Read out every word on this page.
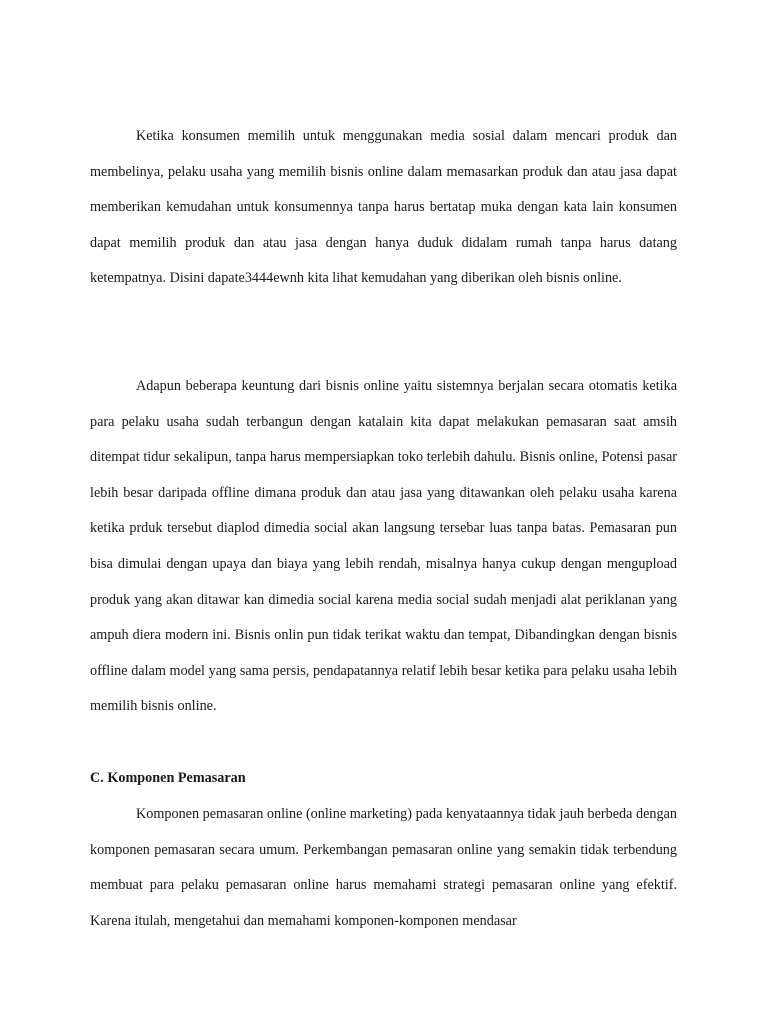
Ketika konsumen memilih untuk menggunakan media sosial dalam mencari produk dan membelinya, pelaku usaha yang memilih bisnis online dalam memasarkan produk dan atau jasa dapat memberikan kemudahan untuk konsumennya tanpa harus bertatap muka dengan kata lain konsumen dapat memilih produk dan atau jasa dengan hanya duduk didalam rumah tanpa harus datang ketempatnya. Disini dapate3444ewnh kita lihat kemudahan yang diberikan oleh bisnis online.

Adapun beberapa keuntung dari bisnis online yaitu sistemnya berjalan secara otomatis ketika para pelaku usaha sudah terbangun dengan katalain kita dapat melakukan pemasaran saat amsih ditempat tidur sekalipun, tanpa harus mempersiapkan toko terlebih dahulu. Bisnis online, Potensi pasar lebih besar daripada offline dimana produk dan atau jasa yang ditawankan oleh pelaku usaha karena ketika prduk tersebut diaplod dimedia social akan langsung tersebar luas tanpa batas. Pemasaran pun bisa dimulai dengan upaya dan biaya yang lebih rendah, misalnya hanya cukup dengan mengupload produk yang akan ditawar kan dimedia social karena media social sudah menjadi alat periklanan yang ampuh diera modern ini. Bisnis onlin pun tidak terikat waktu dan tempat, Dibandingkan dengan bisnis offline dalam model yang sama persis, pendapatannya relatif lebih besar ketika para pelaku usaha lebih memilih bisnis online.

C. Komponen Pemasaran

Komponen pemasaran online (online marketing) pada kenyataannya tidak jauh berbeda dengan komponen pemasaran secara umum. Perkembangan pemasaran online yang semakin tidak terbendung membuat para pelaku pemasaran online harus memahami strategi pemasaran online yang efektif. Karena itulah, mengetahui dan memahami komponen-komponen mendasar
